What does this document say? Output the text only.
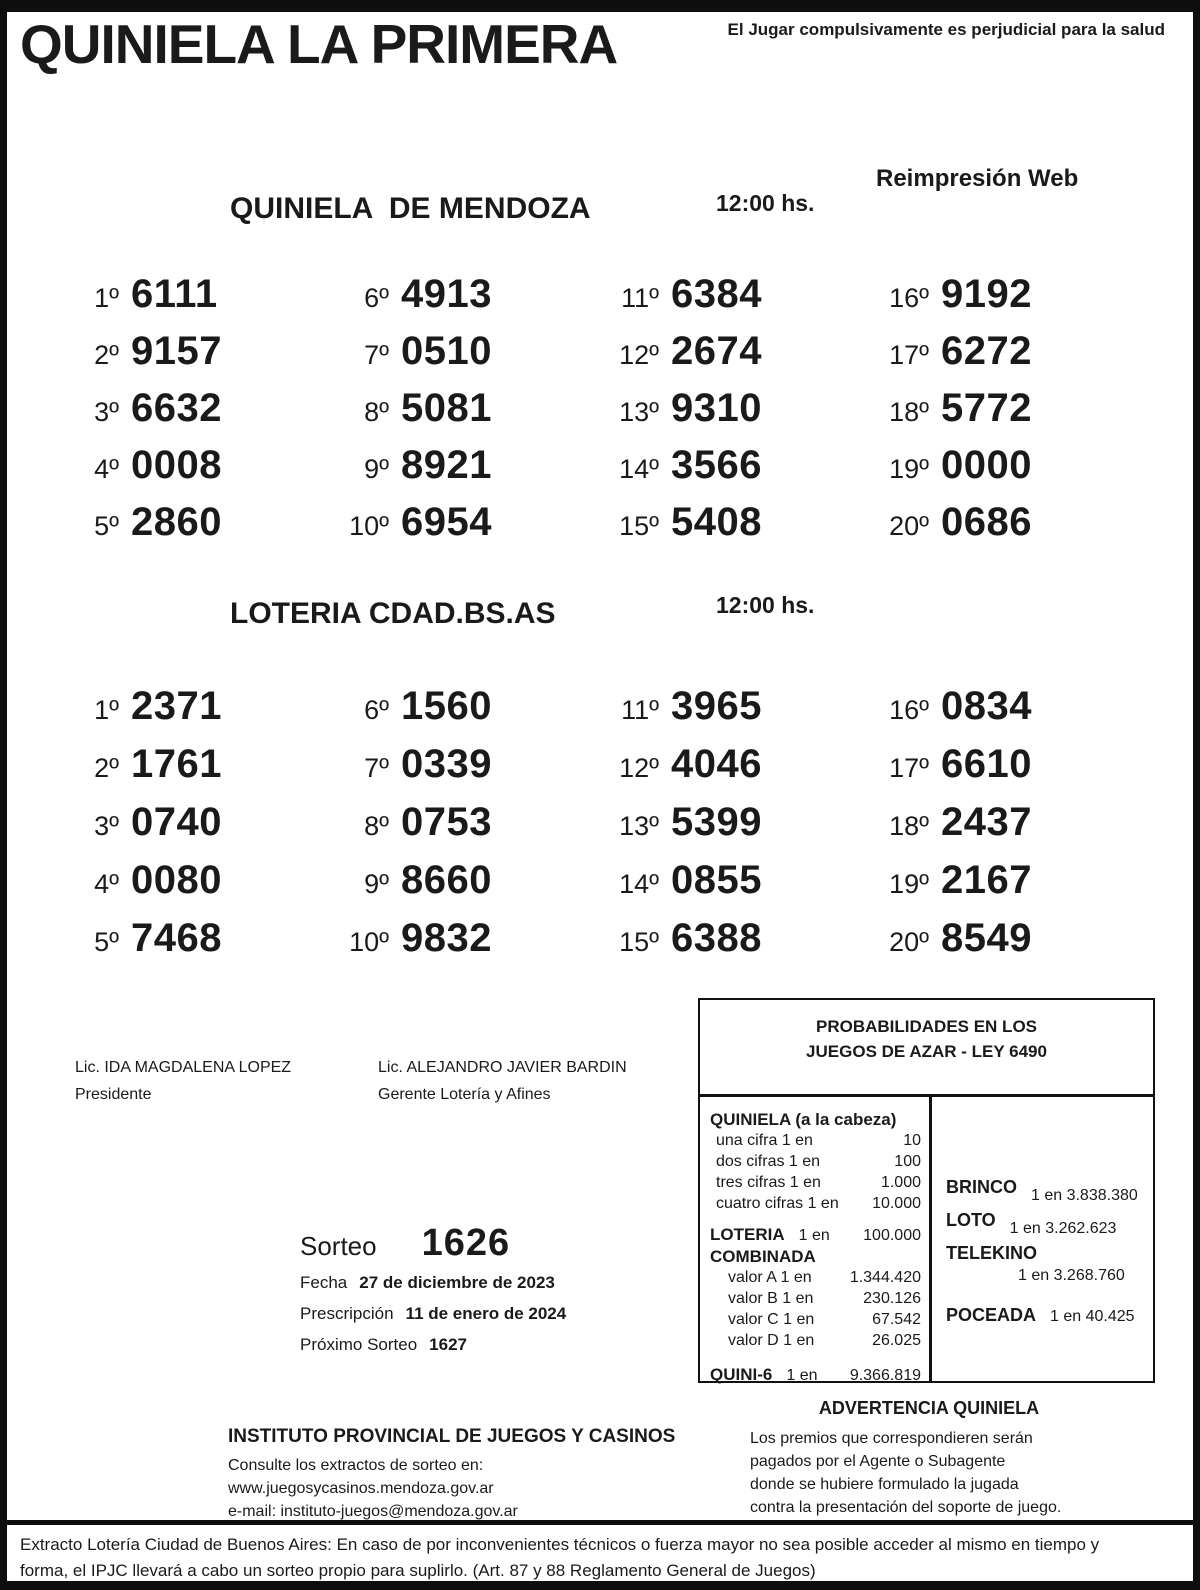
QUINIELA LA PRIMERA	El Jugar compulsivamente es perjudicial para la salud
Reimpresión Web
QUINIELA  DE MENDOZA	12:00 hs.
1º 6111
2º 9157
3º 6632
4º 0008
5º 2860
6º 4913
7º 0510
8º 5081
9º 8921
10º 6954
11º 6384
12º 2674
13º 9310
14º 3566
15º 5408
16º 9192
17º 6272
18º 5772
19º 0000
20º 0686
LOTERIA CDAD.BS.AS	12:00 hs.
1º 2371
2º 1761
3º 0740
4º 0080
5º 7468
6º 1560
7º 0339
8º 0753
9º 8660
10º 9832
11º 3965
12º 4046
13º 5399
14º 0855
15º 6388
16º 0834
17º 6610
18º 2437
19º 2167
20º 8549
Lic. IDA MAGDALENA LOPEZ
Presidente
Lic. ALEJANDRO JAVIER BARDIN
Gerente Lotería y Afines
Sorteo 1626
Fecha 27 de diciembre de 2023
Prescripción 11 de enero de 2024
Próximo Sorteo 1627
PROBABILIDADES EN LOS
JUEGOS DE AZAR - LEY 6490
QUINIELA (a la cabeza)
una cifra 1 en	10
dos cifras 1 en	100
tres cifras 1 en	1.000
cuatro cifras 1 en 10.000
LOTERIA 1 en 100.000
COMBINADA
valor A 1 en 1.344.420
valor B 1 en	230.126
valor C 1 en	67.542
valor D 1 en	26.025
QUINI-6 1 en 9.366.819
BRINCO 1 en 3.838.380
LOTO 1 en 3.262.623
TELEKINO
1 en 3.268.760
POCEADA 1 en 40.425
ADVERTENCIA QUINIELA
Los premios que correspondieren serán
pagados por el Agente o Subagente
donde se hubiere formulado la jugada
contra la presentación del soporte de juego.
INSTITUTO PROVINCIAL DE JUEGOS Y CASINOS
Consulte los extractos de sorteo en:
www.juegosycasinos.mendoza.gov.ar
e-mail: instituto-juegos@mendoza.gov.ar
Extracto Lotería Ciudad de Buenos Aires: En caso de por inconvenientes técnicos o fuerza mayor no sea posible acceder al mismo en tiempo y
forma, el IPJC llevará a cabo un sorteo propio para suplirlo. (Art. 87 y 88 Reglamento General de Juegos)
